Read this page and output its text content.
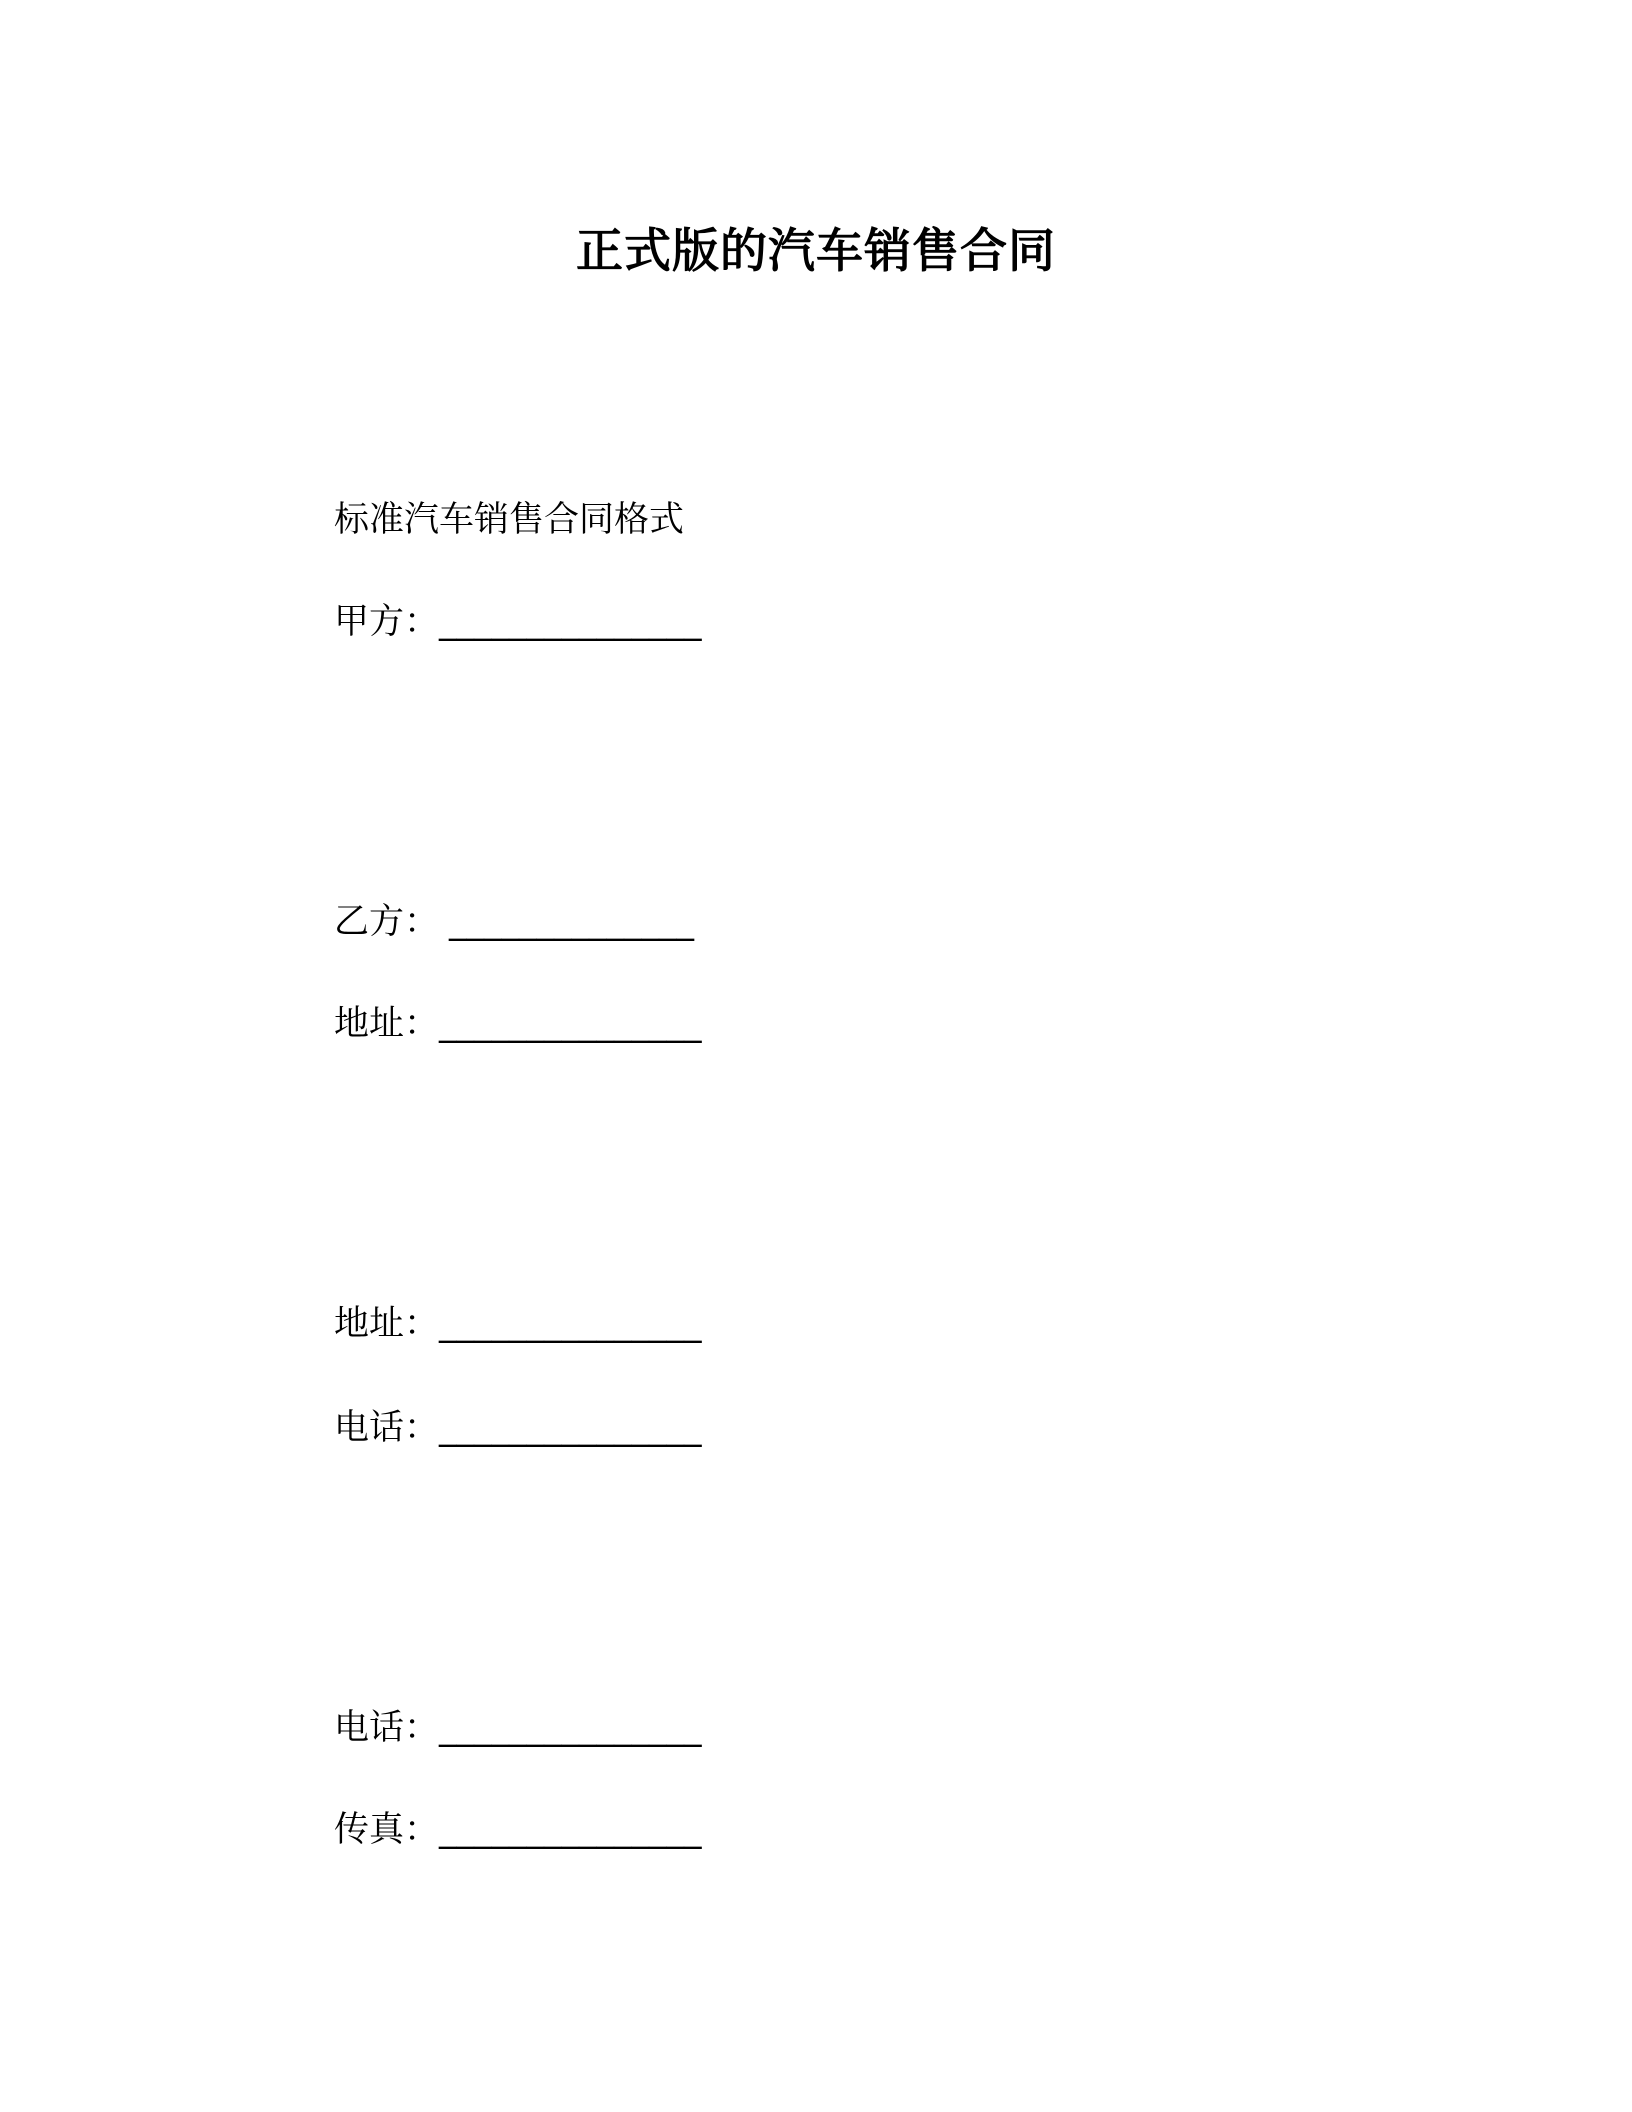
正式版的汽车销售合同
标准汽车销售合同格式
甲方：_______________
乙方： ______________
地址：_______________
地址：_______________
电话：_______________
电话：_______________
传真：_______________
